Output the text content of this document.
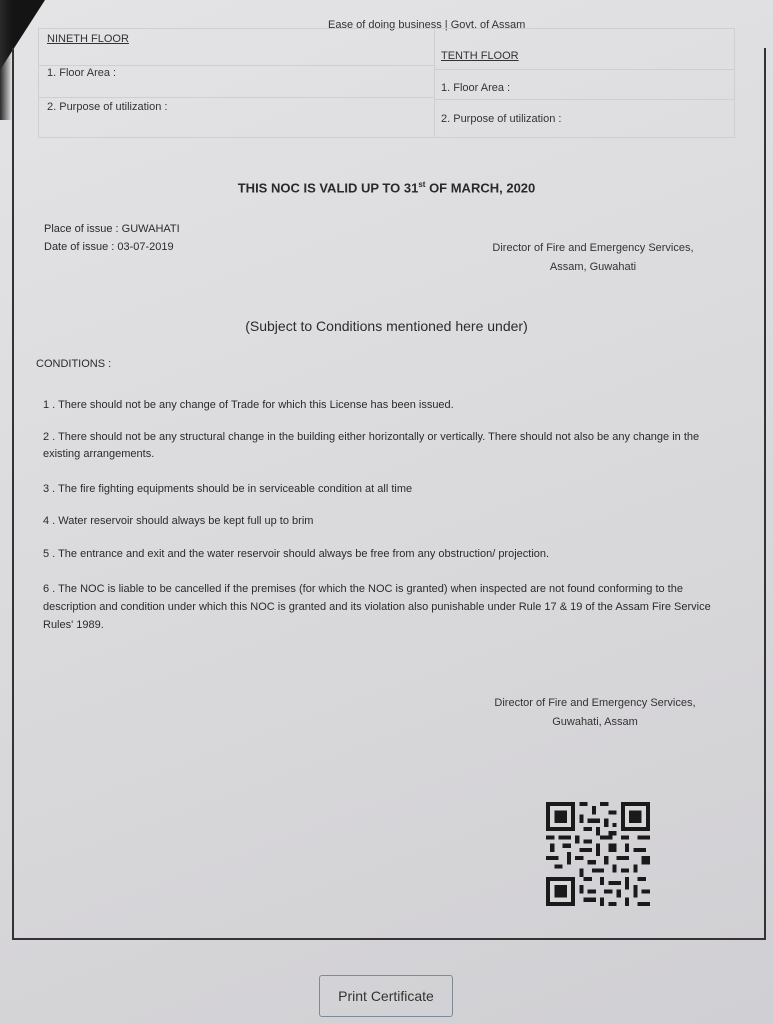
Ease of doing business | Govt. of Assam
NINETH FLOOR
1. Floor Area :
2. Purpose of utilization :
TENTH FLOOR
1. Floor Area :
2. Purpose of utilization :
THIS NOC IS VALID UP TO 31st OF MARCH, 2020
Place of issue : GUWAHATI
Date of issue : 03-07-2019	Director of Fire and Emergency Services,
Assam, Guwahati
(Subject to Conditions mentioned here under)
CONDITIONS :
1 . There should not be any change of Trade for which this License has been issued.
2 . There should not be any structural change in the building either horizontally or vertically. There should not also be any change in the existing arrangements.
3 . The fire fighting equipments should be in serviceable condition at all time
4 . Water reservoir should always be kept full up to brim
5 . The entrance and exit and the water reservoir should always be free from any obstruction/ projection.
6 . The NOC is liable to be cancelled if the premises (for which the NOC is granted) when inspected are not found conforming to the description and condition under which this NOC is granted and its violation also punishable under Rule 17 & 19 of the Assam Fire Service Rules' 1989.
Director of Fire and Emergency Services,
Guwahati, Assam
Print Certificate
